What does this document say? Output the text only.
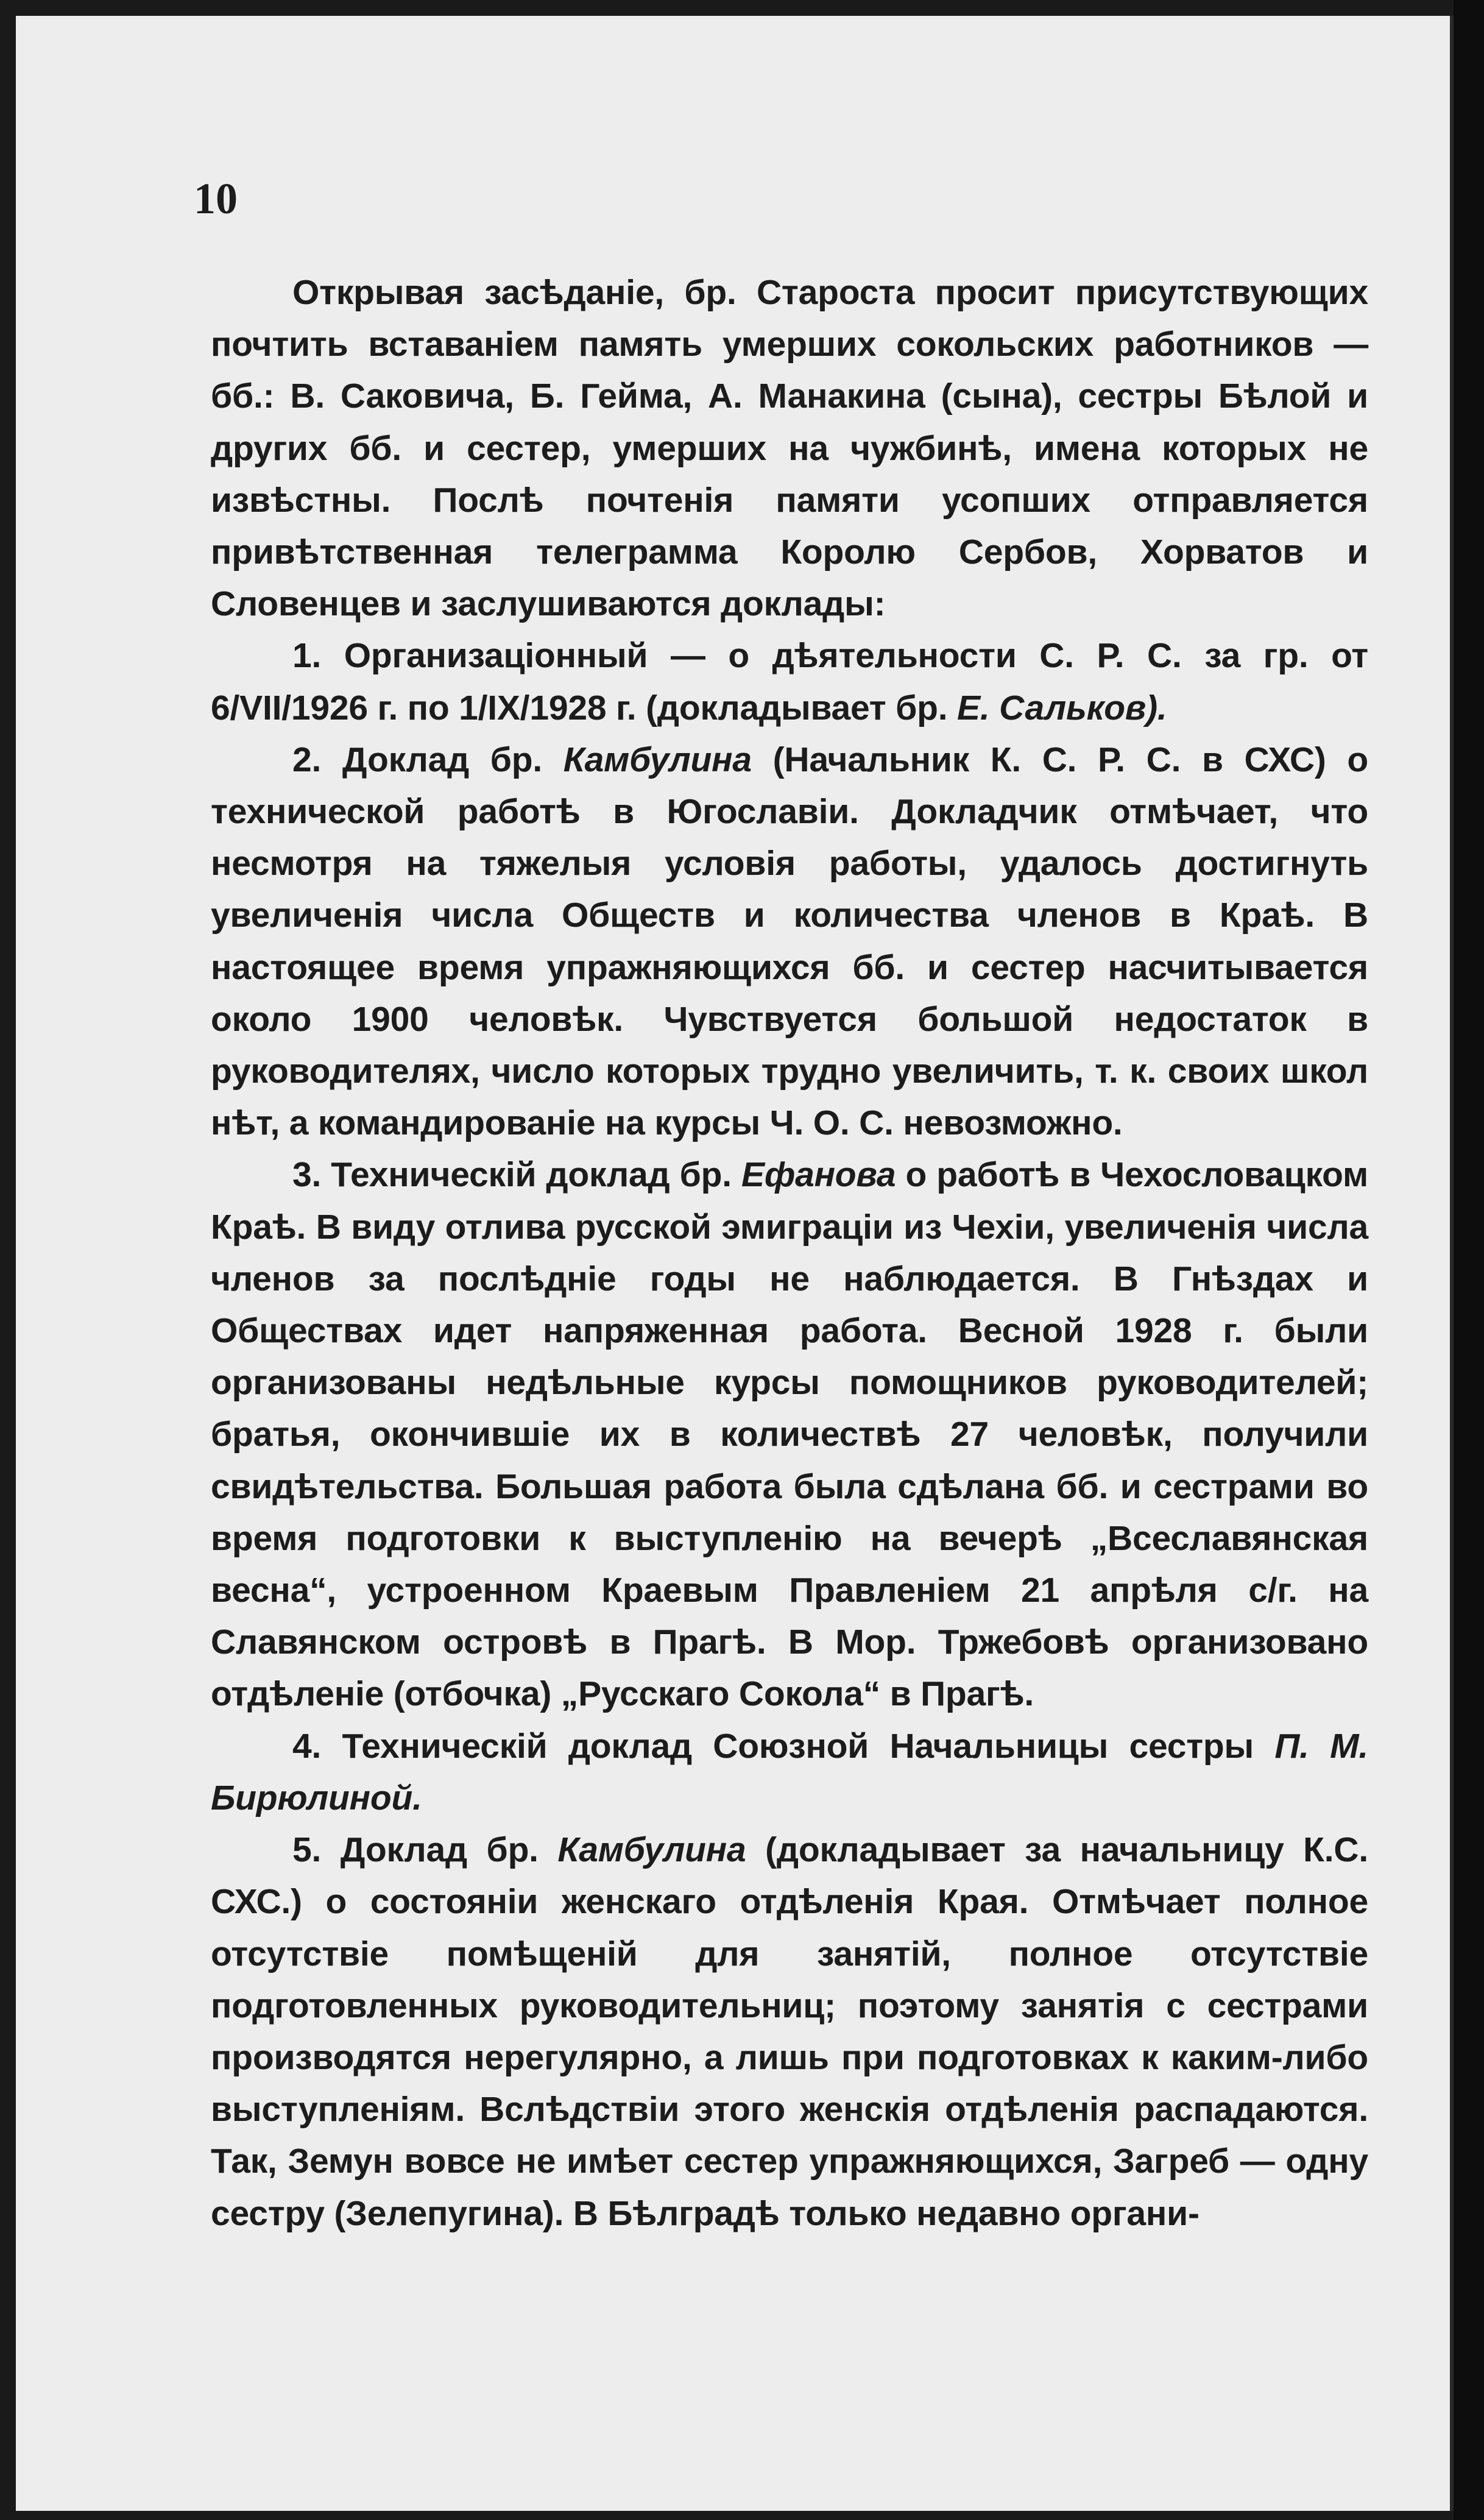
10

Открывая засѣданіе, бр. Староста просит присутствующих почтить вставаніем память умерших сокольских работников — бб.: В. Саковича, Б. Гейма, А. Манакина (сына), сестры Бѣлой и других бб. и сестер, умерших на чужбинѣ, имена которых не извѣстны. Послѣ почтенія памяти усопших отправляется привѣтственная телеграмма Королю Сербов, Хорватов и Словенцев и заслушиваются доклады:

1. Организаціонный — о дѣятельности С. Р. С. за гр. от 6/VII/1926 г. по 1/IX/1928 г. (докладывает бр. Е. Сальков).

2. Доклад бр. Камбулина (Начальник К. С. Р. С. в СХС) о технической работѣ в Югославіи. Докладчик отмѣчает, что несмотря на тяжелыя условія работы, удалось достигнуть увеличенія числа Обществ и количества членов в Краѣ. В настоящее время упражняющихся бб. и сестер насчитывается около 1900 человѣк. Чувствуется большой недостаток в руководителях, число которых трудно увеличить, т. к. своих школ нѣт, а командированіе на курсы Ч. О. С. невозможно.

3. Техническій доклад бр. Ефанова о работѣ в Чехословацком Краѣ. В виду отлива русской эмиграціи из Чехіи, увеличенія числа членов за послѣдніе годы не наблюдается. В Гнѣздах и Обществах идет напряженная работа. Весной 1928 г. были организованы недѣльные курсы помощников руководителей; братья, окончившіе их в количествѣ 27 человѣк, получили свидѣтельства. Большая работа была сдѣлана бб. и сестрами во время подготовки к выступленію на вечерѣ „Всеславянская весна“, устроенном Краевым Правленіем 21 апрѣля с/г. на Славянском островѣ в Прагѣ. В Мор. Тржебовѣ организовано отдѣленіе (отбочка) „Русскаго Сокола“ в Прагѣ.

4. Техническій доклад Союзной Начальницы сестры П. М. Бирюлиной.

5. Доклад бр. Камбулина (докладывает за начальницу К.С. СХС.) о состояніи женскаго отдѣленія Края. Отмѣчает полное отсутствіе помѣщеній для занятій, полное отсутствіе подготовленных руководительниц; поэтому занятія с сестрами производятся нерегулярно, а лишь при подготовках к каким-либо выступленіям. Вслѣдствіи этого женскія отдѣленія распадаются. Так, Земун вовсе не имѣет сестер упражняющихся, Загреб — одну сестру (Зелепугина). В Бѣлградѣ только недавно органи-
